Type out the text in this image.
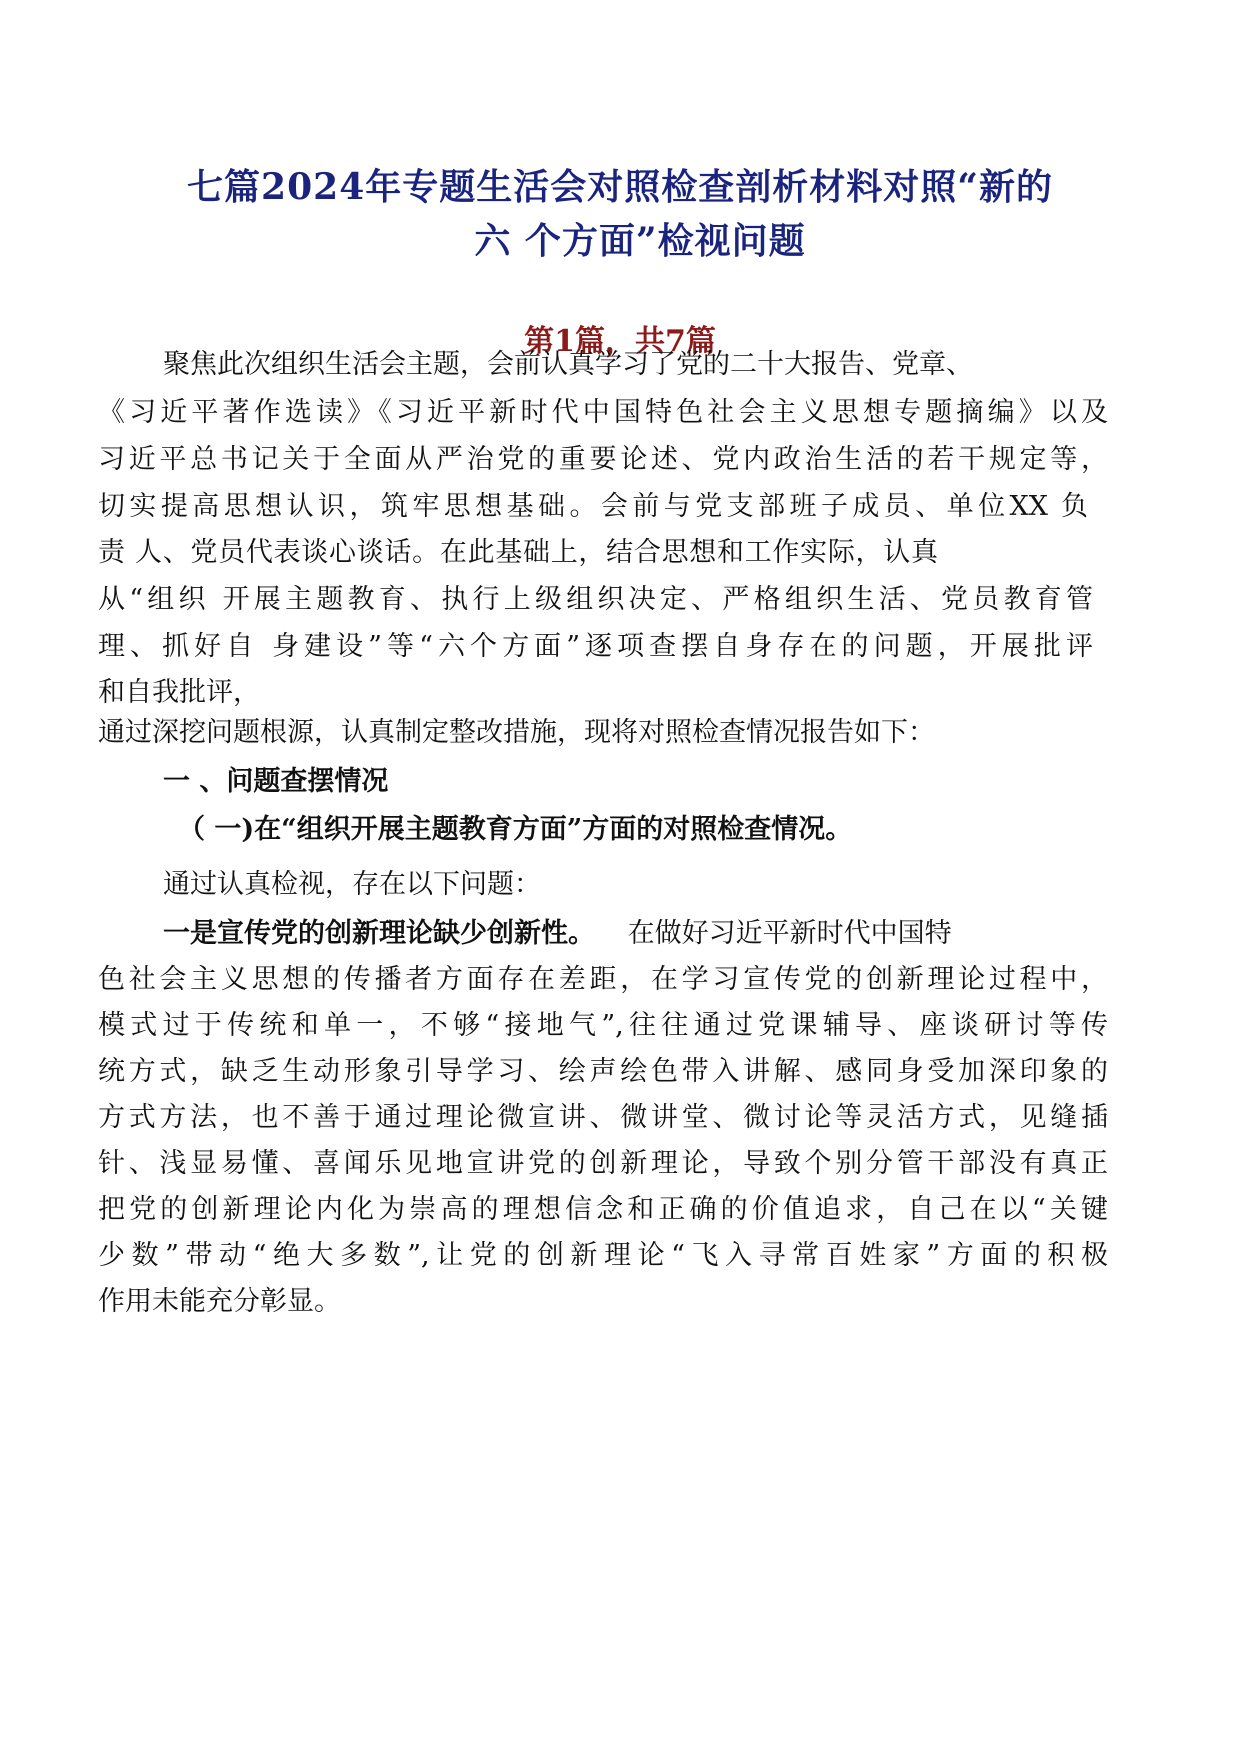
七篇2024年专题生活会对照检查剖析材料对照“新的
六 个方面”检视问题
第1篇，共7篇
聚焦此次组织生活会主题，会前认真学习了党的二十大报告、党章、
《习近平著作选读》《习近平新时代中国特色社会主义思想专题摘编》以及
习近平总书记关于全面从严治党的重要论述、党内政治生活的若干规定等，
切实提高思想认识，筑牢思想基础。会前与党支部班子成员、单位XX 负
责 人、党员代表谈心谈话。在此基础上，结合思想和工作实际，认真
从“组织 开展主题教育、执行上级组织决定、严格组织生活、党员教育管
理、抓好自 身建设”等“六个方面”逐项查摆自身存在的问题，开展批评
和自我批评，
通过深挖问题根源，认真制定整改措施，现将对照检查情况报告如下：
一 、问题查摆情况
（ 一)在“组织开展主题教育方面”方面的对照检查情况。
通过认真检视，存在以下问题：
一是宣传党的创新理论缺少创新性。 在做好习近平新时代中国特
色社会主义思想的传播者方面存在差距，在学习宣传党的创新理论过程中，
模式过于传统和单一，不够“接地气”,往往通过党课辅导、座谈研讨等传
统方式，缺乏生动形象引导学习、绘声绘色带入讲解、感同身受加深印象的
方式方法，也不善于通过理论微宣讲、微讲堂、微讨论等灵活方式，见缝插
针、浅显易懂、喜闻乐见地宣讲党的创新理论，导致个别分管干部没有真正
把党的创新理论内化为崇高的理想信念和正确的价值追求，自己在以“关键
少数”带动“绝大多数”,让党的创新理论“飞入寻常百姓家”方面的积极
作用未能充分彰显。
